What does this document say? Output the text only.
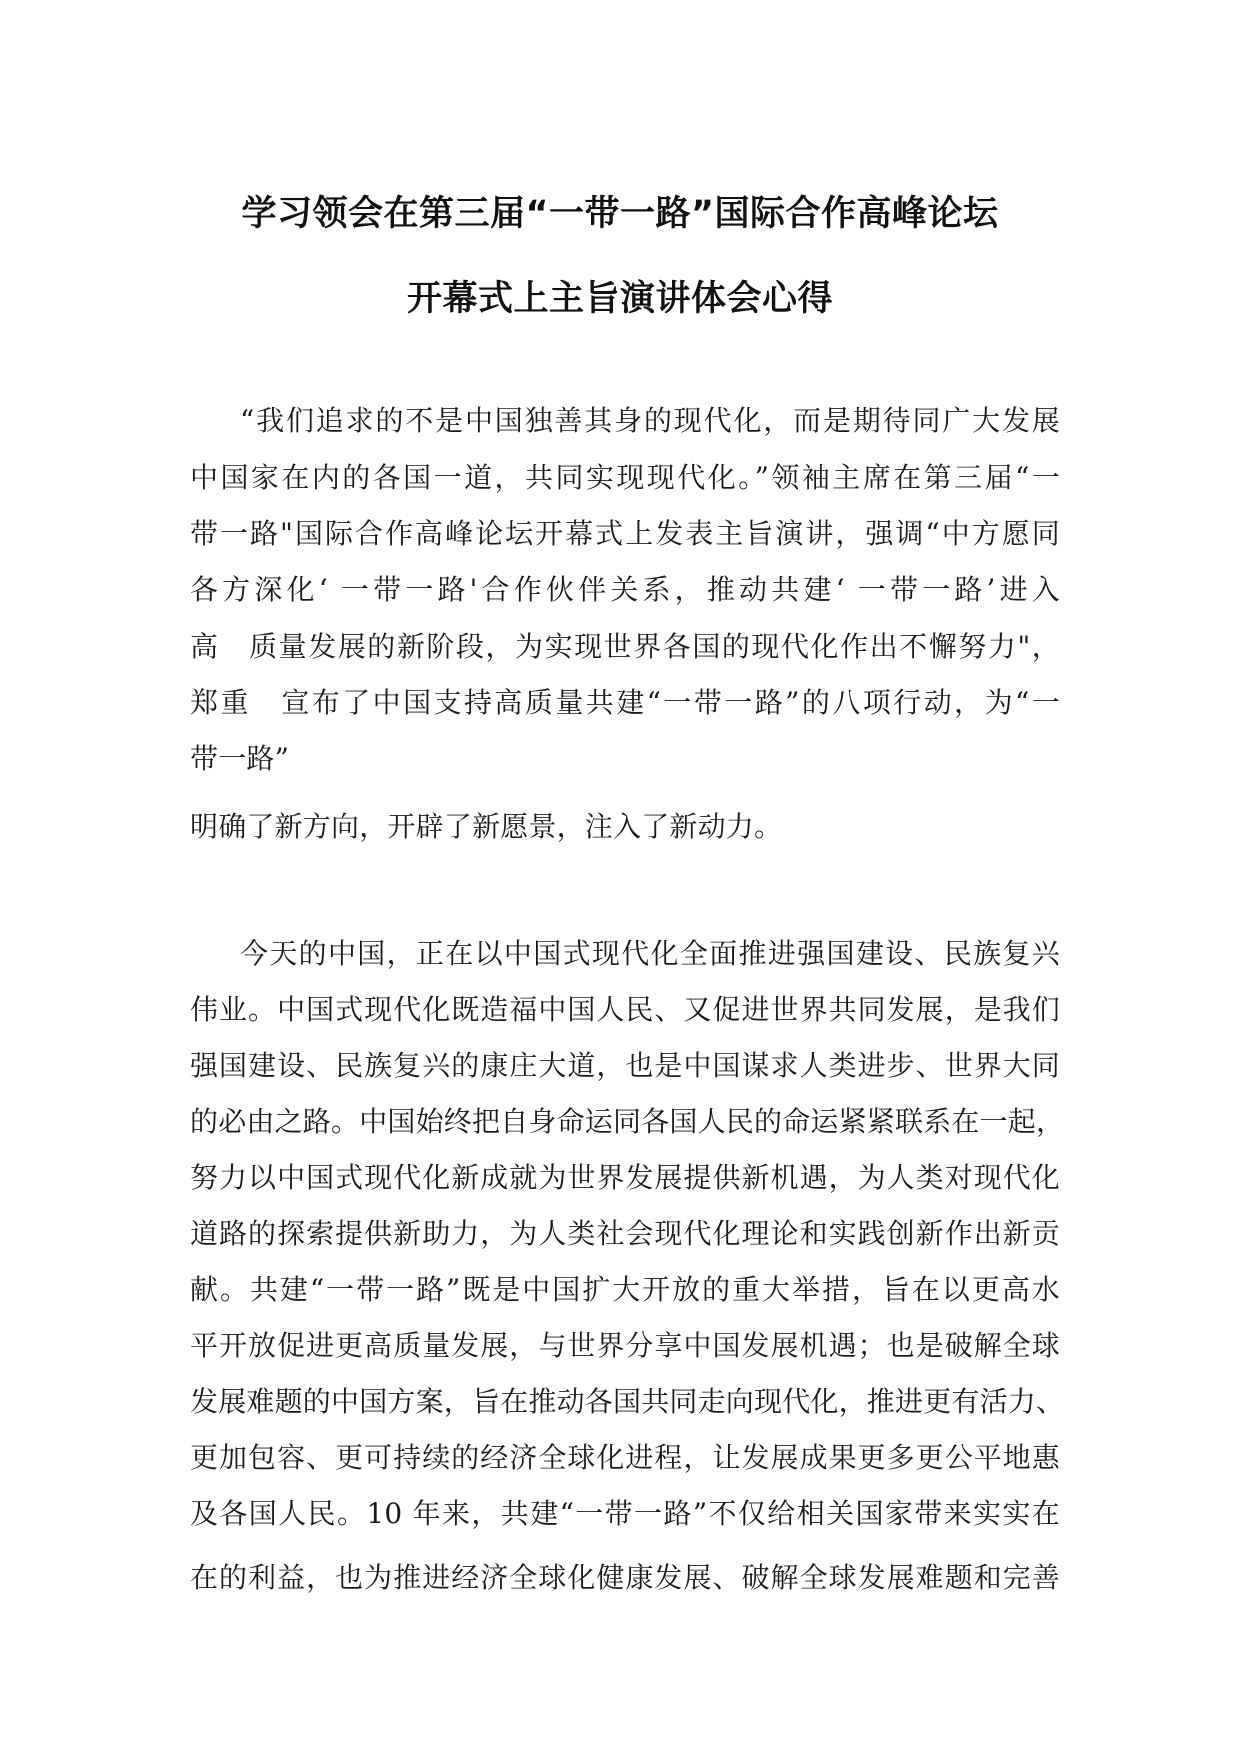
学习领会在第三届“一带一路”国际合作高峰论坛
开幕式上主旨演讲体会心得
“我们追求的不是中国独善其身的现代化，而是期待同广大发展
中国家在内的各国一道，共同实现现代化。”领袖主席在第三届“一
带一路"国际合作高峰论坛开幕式上发表主旨演讲，强调“中方愿同
各方深化‘ 一带一路'合作伙伴关系，推动共建‘ 一带一路’进入
高　质量发展的新阶段，为实现世界各国的现代化作出不懈努力"，
郑重　宣布了中国支持高质量共建“一带一路”的八项行动，为“一
带一路”
明确了新方向，开辟了新愿景，注入了新动力。
今天的中国，正在以中国式现代化全面推进强国建设、民族复兴
伟业。中国式现代化既造福中国人民、又促进世界共同发展，是我们
强国建设、民族复兴的康庄大道，也是中国谋求人类进步、世界大同
的必由之路。中国始终把自身命运同各国人民的命运紧紧联系在一起，
努力以中国式现代化新成就为世界发展提供新机遇，为人类对现代化
道路的探索提供新助力，为人类社会现代化理论和实践创新作出新贡
献。共建“一带一路”既是中国扩大开放的重大举措，旨在以更高水
平开放促进更高质量发展，与世界分享中国发展机遇；也是破解全球
发展难题的中国方案，旨在推动各国共同走向现代化，推进更有活力、
更加包容、更可持续的经济全球化进程，让发展成果更多更公平地惠
及各国人民。10 年来，共建“一带一路”不仅给相关国家带来实实在
在的利益，也为推进经济全球化健康发展、破解全球发展难题和完善
